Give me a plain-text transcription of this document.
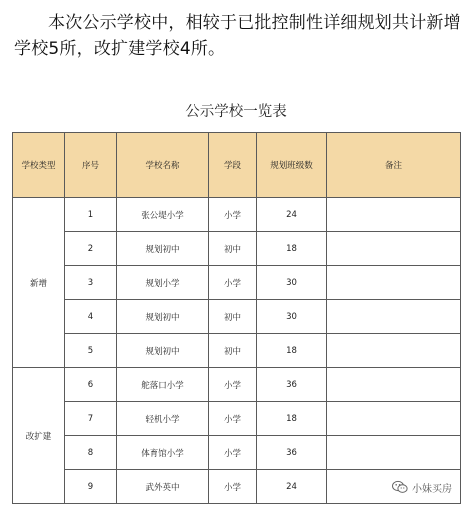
本次公示学校中，相较于已批控制性详细规划共计新增学校5所，改扩建学校4所。

公示学校一览表
学校类型	序号	学校名称	学段	规划班级数	备注
新增	1	张公堤小学	小学	24	
	2	规划初中	初中	18	
	3	规划小学	小学	30	
	4	规划初中	初中	30	
	5	规划初中	初中	18	
改扩建	6	舵落口小学	小学	36	
	7	轻机小学	小学	18	
	8	体育馆小学	小学	36	
	9	武外英中	小学	24		小妹买房
